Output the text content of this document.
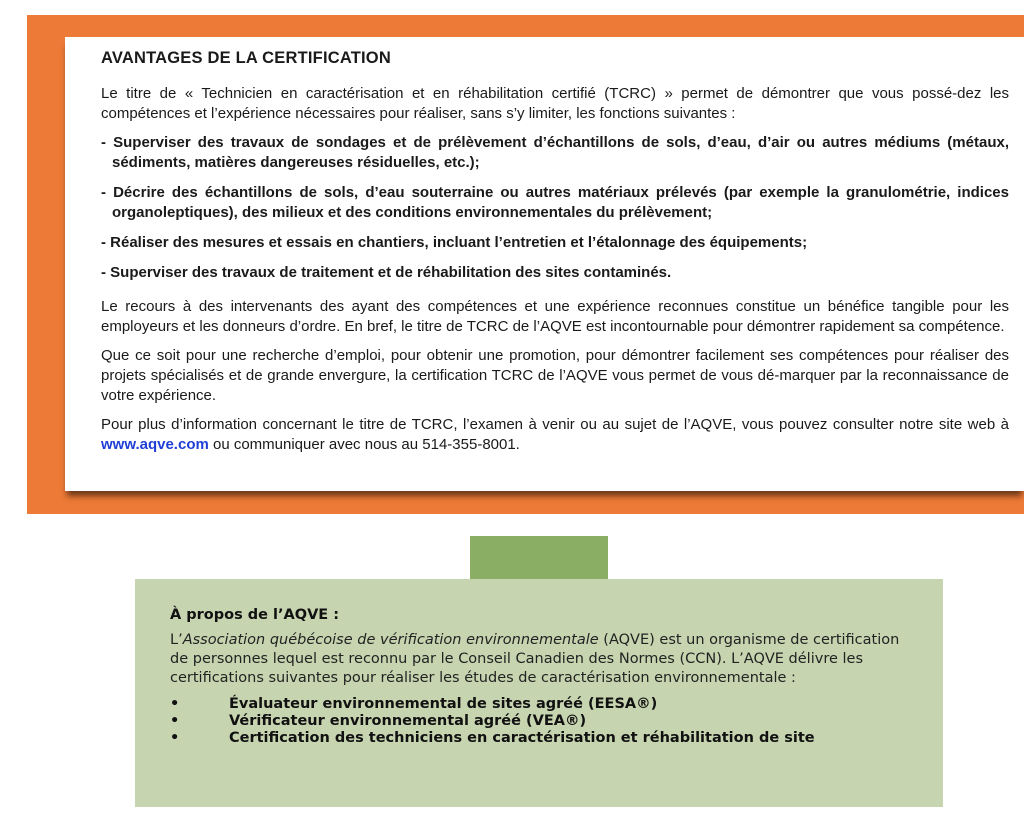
AVANTAGES DE LA CERTIFICATION

Le titre de « Technicien en caractérisation et en réhabilitation certifié (TCRC) » permet de démontrer que vous possé-dez les compétences et l’expérience nécessaires pour réaliser, sans s’y limiter, les fonctions suivantes :

- Superviser des travaux de sondages et de prélèvement d’échantillons de sols, d’eau, d’air ou autres médiums (métaux, sédiments, matières dangereuses résiduelles, etc.);
- Décrire des échantillons de sols, d’eau souterraine ou autres matériaux prélevés (par exemple la granulométrie, indices organoleptiques), des milieux et des conditions environnementales du prélèvement;
- Réaliser des mesures et essais en chantiers, incluant l’entretien et l’étalonnage des équipements;
- Superviser des travaux de traitement et de réhabilitation des sites contaminés.

Le recours à des intervenants des ayant des compétences et une expérience reconnues constitue un bénéfice tangible pour les employeurs et les donneurs d’ordre. En bref, le titre de TCRC de l’AQVE est incontournable pour démontrer rapidement sa compétence.

Que ce soit pour une recherche d’emploi, pour obtenir une promotion, pour démontrer facilement ses compétences pour réaliser des projets spécialisés et de grande envergure, la certification TCRC de l’AQVE vous permet de vous dé-marquer par la reconnaissance de votre expérience.

Pour plus d’information concernant le titre de TCRC, l’examen à venir ou au sujet de l’AQVE, vous pouvez consulter notre site web à www.aqve.com ou communiquer avec nous au 514-355-8001.

À propos de l’AQVE :

L’Association québécoise de vérification environnementale (AQVE) est un organisme de certification de personnes lequel est reconnu par le Conseil Canadien des Normes (CCN). L’AQVE délivre les certifications suivantes pour réaliser les études de caractérisation environnementale :

•	Évaluateur environnemental de sites agréé (EESA®)
•	Vérificateur environnemental agréé (VEA®)
•	Certification des techniciens en caractérisation et réhabilitation de site
